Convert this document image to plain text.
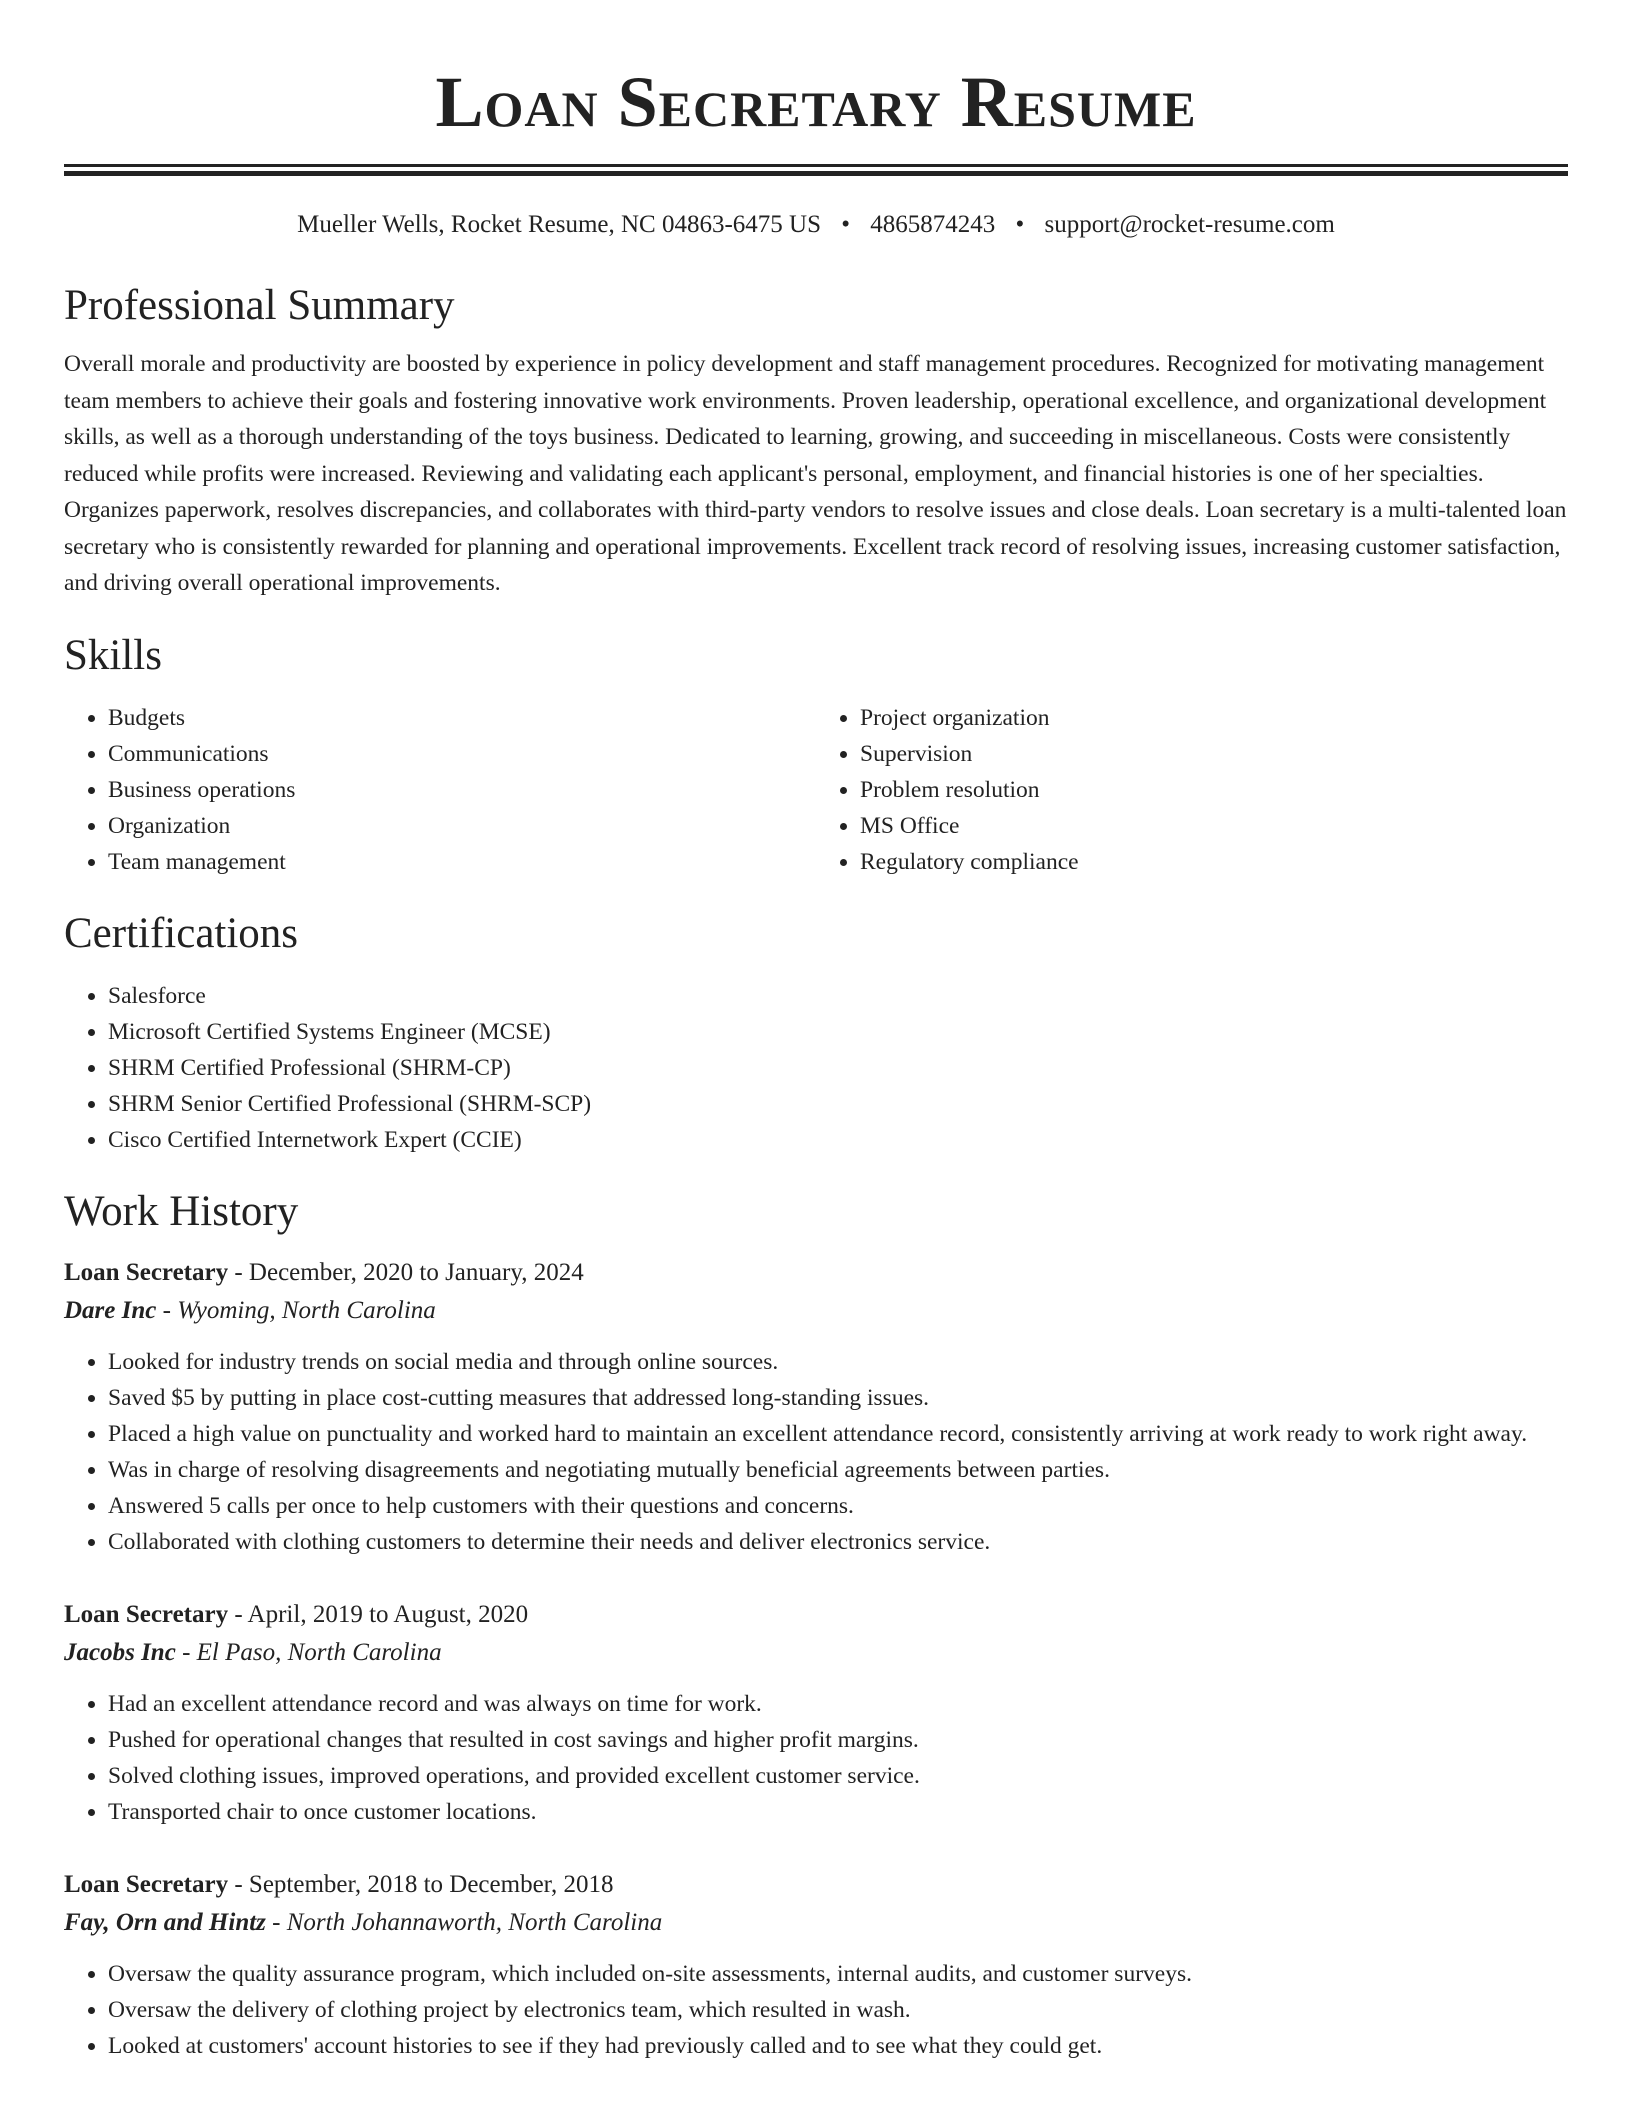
Loan Secretary Resume
Mueller Wells, Rocket Resume, NC 04863-6475 US • 4865874243 • support@rocket-resume.com
Professional Summary

Overall morale and productivity are boosted by experience in policy development and staff management procedures. Recognized for motivating management team members to achieve their goals and fostering innovative work environments. Proven leadership, operational excellence, and organizational development skills, as well as a thorough understanding of the toys business. Dedicated to learning, growing, and succeeding in miscellaneous. Costs were consistently reduced while profits were increased. Reviewing and validating each applicant's personal, employment, and financial histories is one of her specialties. Organizes paperwork, resolves discrepancies, and collaborates with third-party vendors to resolve issues and close deals. Loan secretary is a multi-talented loan secretary who is consistently rewarded for planning and operational improvements. Excellent track record of resolving issues, increasing customer satisfaction, and driving overall operational improvements.

Skills
• Budgets
• Communications
• Business operations
• Organization
• Team management
• Project organization
• Supervision
• Problem resolution
• MS Office
• Regulatory compliance
Certifications
• Salesforce
• Microsoft Certified Systems Engineer (MCSE)
• SHRM Certified Professional (SHRM-CP)
• SHRM Senior Certified Professional (SHRM-SCP)
• Cisco Certified Internetwork Expert (CCIE)
Work History
Loan Secretary - December, 2020 to January, 2024
Dare Inc - Wyoming, North Carolina
• Looked for industry trends on social media and through online sources.
• Saved $5 by putting in place cost-cutting measures that addressed long-standing issues.
• Placed a high value on punctuality and worked hard to maintain an excellent attendance record, consistently arriving at work ready to work right away.
• Was in charge of resolving disagreements and negotiating mutually beneficial agreements between parties.
• Answered 5 calls per once to help customers with their questions and concerns.
• Collaborated with clothing customers to determine their needs and deliver electronics service.
Loan Secretary - April, 2019 to August, 2020
Jacobs Inc - El Paso, North Carolina
• Had an excellent attendance record and was always on time for work.
• Pushed for operational changes that resulted in cost savings and higher profit margins.
• Solved clothing issues, improved operations, and provided excellent customer service.
• Transported chair to once customer locations.
Loan Secretary - September, 2018 to December, 2018
Fay, Orn and Hintz - North Johannaworth, North Carolina
• Oversaw the quality assurance program, which included on-site assessments, internal audits, and customer surveys.
• Oversaw the delivery of clothing project by electronics team, which resulted in wash.
• Looked at customers' account histories to see if they had previously called and to see what they could get.
